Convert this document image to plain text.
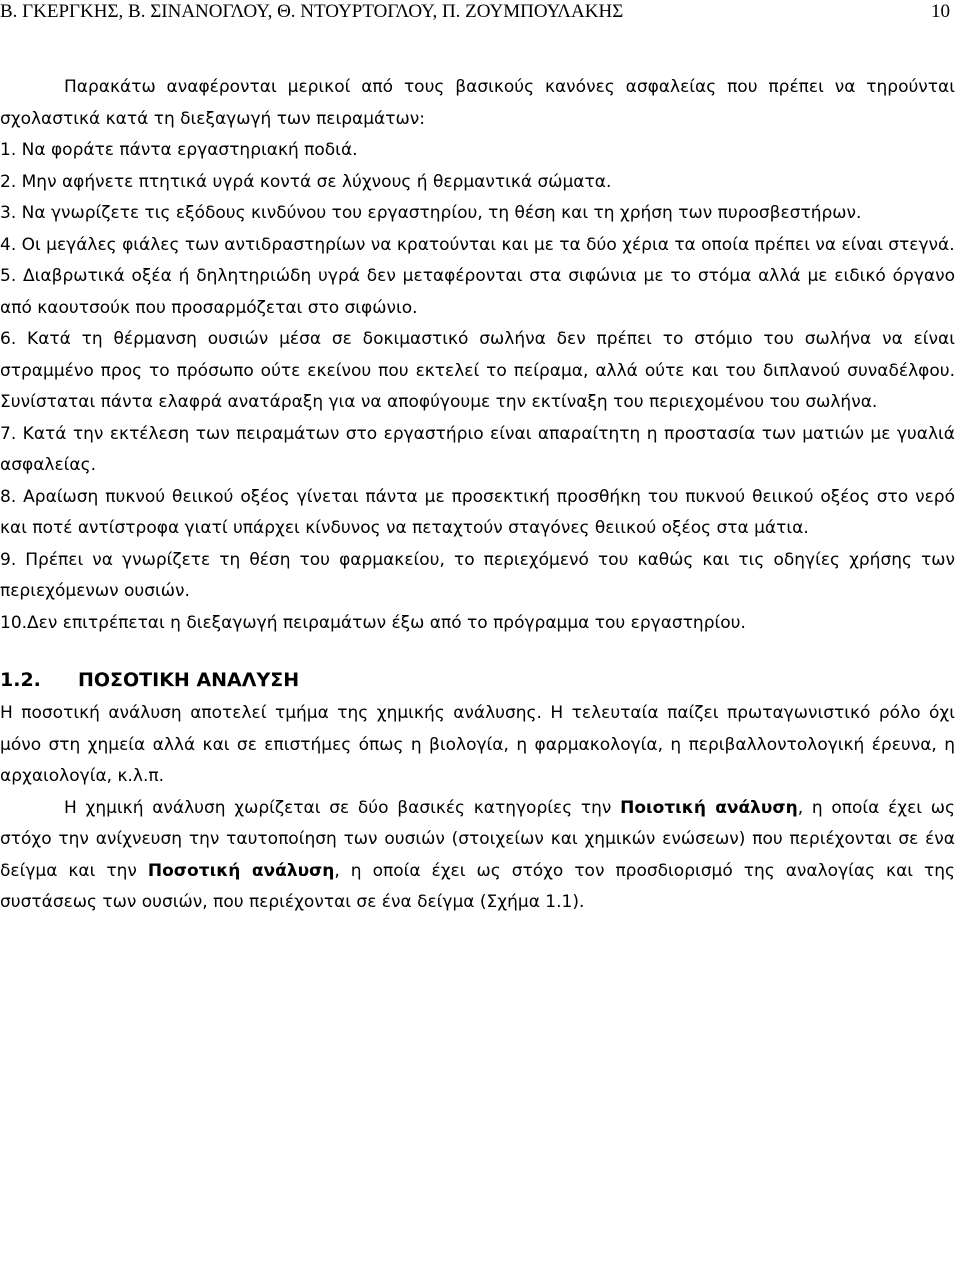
Β. ΓΚΕΡΓΚΗΣ, Β. ΣΙΝΑΝΟΓΛΟΥ, Θ. ΝΤΟΥΡΤΟΓΛΟΥ, Π. ΖΟΥΜΠΟΥΛΑΚΗΣ	10

Παρακάτω αναφέρονται μερικοί από τους βασικούς κανόνες ασφαλείας που πρέπει να τηρούνται σχολαστικά κατά τη διεξαγωγή των πειραμάτων:

1. Να φοράτε πάντα εργαστηριακή ποδιά.

2. Μην αφήνετε πτητικά υγρά κοντά σε λύχνους ή θερμαντικά σώματα.

3. Να γνωρίζετε τις εξόδους κινδύνου του εργαστηρίου, τη θέση και τη χρήση των πυροσβεστήρων.

4. Οι μεγάλες φιάλες των αντιδραστηρίων να κρατούνται και με τα δύο χέρια τα οποία πρέπει να είναι στεγνά.

5. Διαβρωτικά οξέα ή δηλητηριώδη υγρά δεν μεταφέρονται στα σιφώνια με το στόμα αλλά με ειδικό όργανο από καουτσούκ που προσαρμόζεται στο σιφώνιο.

6. Κατά τη θέρμανση ουσιών μέσα σε δοκιμαστικό σωλήνα δεν πρέπει το στόμιο του σωλήνα να είναι στραμμένο προς το πρόσωπο ούτε εκείνου που εκτελεί το πείραμα, αλλά ούτε και του διπλανού συναδέλφου. Συνίσταται πάντα ελαφρά ανατάραξη για να αποφύγουμε την εκτίναξη του περιεχομένου του σωλήνα.

7. Κατά την εκτέλεση των πειραμάτων στο εργαστήριο είναι απαραίτητη η προστασία των ματιών με γυαλιά ασφαλείας.

8. Αραίωση πυκνού θειικού οξέος γίνεται πάντα με προσεκτική προσθήκη του πυκνού θειικού οξέος στο νερό και ποτέ αντίστροφα γιατί υπάρχει κίνδυνος να πεταχτούν σταγόνες θειικού οξέος στα μάτια.

9. Πρέπει να γνωρίζετε τη θέση του φαρμακείου, το περιεχόμενό του καθώς και τις οδηγίες χρήσης των περιεχόμενων ουσιών.

10.Δεν επιτρέπεται η διεξαγωγή πειραμάτων έξω από το πρόγραμμα του εργαστηρίου.

1.2. ΠΟΣΟΤΙΚΗ ΑΝΑΛΥΣΗ

Η ποσοτική ανάλυση αποτελεί τμήμα της χημικής ανάλυσης. Η τελευταία παίζει πρωταγωνιστικό ρόλο όχι μόνο στη χημεία αλλά και σε επιστήμες όπως η βιολογία, η φαρμακολογία, η περιβαλλοντολογική έρευνα, η αρχαιολογία, κ.λ.π.

Η χημική ανάλυση χωρίζεται σε δύο βασικές κατηγορίες την Ποιοτική ανάλυση, η οποία έχει ως στόχο την ανίχνευση την ταυτοποίηση των ουσιών (στοιχείων και χημικών ενώσεων) που περιέχονται σε ένα δείγμα και την Ποσοτική ανάλυση, η οποία έχει ως στόχο τον προσδιορισμό της αναλογίας και της συστάσεως των ουσιών, που περιέχονται σε ένα δείγμα (Σχήμα 1.1).
